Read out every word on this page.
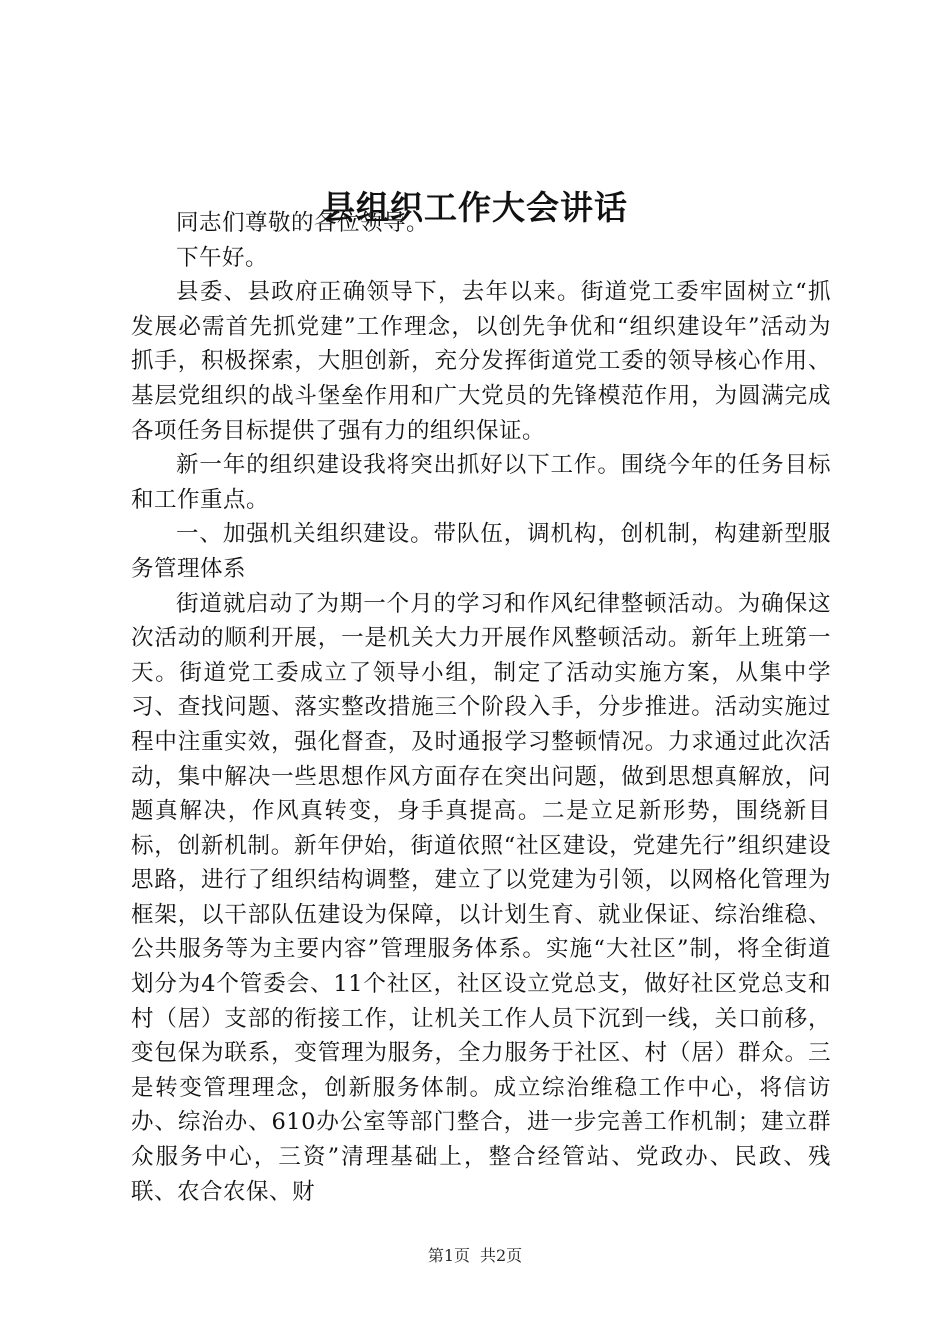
县组织工作大会讲话

同志们尊敬的各位领导。

下午好。

县委、县政府正确领导下，去年以来。街道党工委牢固树立“抓发展必需首先抓党建”工作理念，以创先争优和“组织建设年”活动为抓手，积极探索，大胆创新，充分发挥街道党工委的领导核心作用、基层党组织的战斗堡垒作用和广大党员的先锋模范作用，为圆满完成各项任务目标提供了强有力的组织保证。

新一年的组织建设我将突出抓好以下工作。围绕今年的任务目标和工作重点。

一、加强机关组织建设。带队伍，调机构，创机制，构建新型服务管理体系

街道就启动了为期一个月的学习和作风纪律整顿活动。为确保这次活动的顺利开展，一是机关大力开展作风整顿活动。新年上班第一天。街道党工委成立了领导小组，制定了活动实施方案，从集中学习、查找问题、落实整改措施三个阶段入手，分步推进。活动实施过程中注重实效，强化督查，及时通报学习整顿情况。力求通过此次活动，集中解决一些思想作风方面存在突出问题，做到思想真解放，问题真解决，作风真转变，身手真提高。二是立足新形势，围绕新目标，创新机制。新年伊始，街道依照“社区建设，党建先行”组织建设思路，进行了组织结构调整，建立了以党建为引领，以网格化管理为框架，以干部队伍建设为保障，以计划生育、就业保证、综治维稳、公共服务等为主要内容”管理服务体系。实施“大社区”制，将全街道划分为4个管委会、11个社区，社区设立党总支，做好社区党总支和村（居）支部的衔接工作，让机关工作人员下沉到一线，关口前移，变包保为联系，变管理为服务，全力服务于社区、村（居）群众。三是转变管理理念，创新服务体制。成立综治维稳工作中心，将信访办、综治办、610办公室等部门整合，进一步完善工作机制；建立群众服务中心，三资”清理基础上，整合经管站、党政办、民政、残联、农合农保、财

第1页 共2页
